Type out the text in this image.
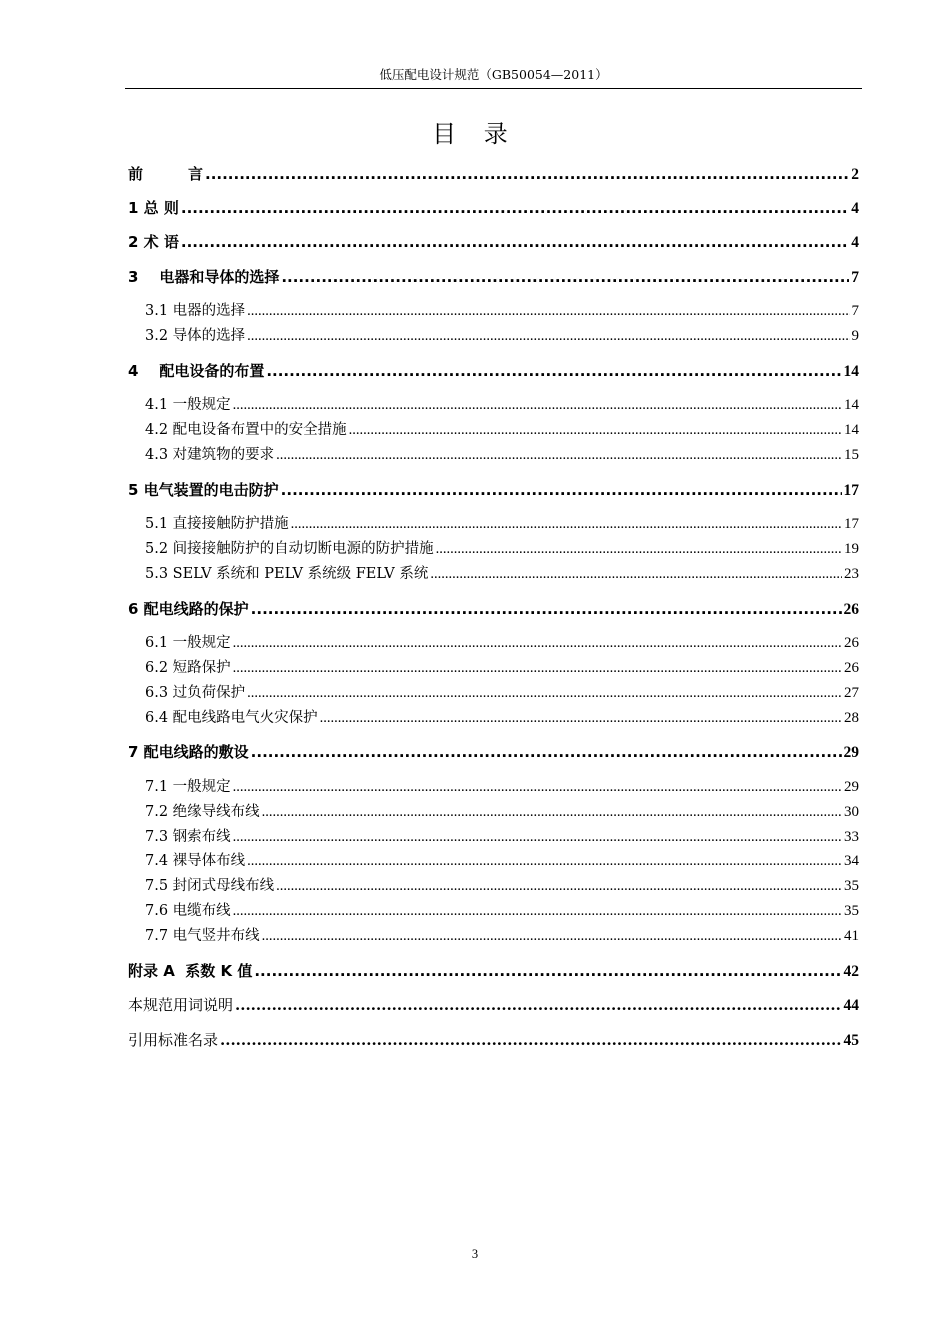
低压配电设计规范（GB50054—2011）
目 录
前　　　言 .....	2
1 总 则 .....	4
2 术 语 .....	4
3    电器和导体的选择 .....	7
3.1 电器的选择 .....	7
3.2 导体的选择 .....	9
4    配电设备的布置 .....	14
4.1 一般规定 .....	14
4.2 配电设备布置中的安全措施 .....	14
4.3 对建筑物的要求 .....	15
5 电气装置的电击防护 .....	17
5.1 直接接触防护措施 .....	17
5.2 间接接触防护的自动切断电源的防护措施 .....	19
5.3 SELV 系统和 PELV 系统级 FELV 系统 .....	23
6 配电线路的保护 .....	26
6.1 一般规定 .....	26
6.2 短路保护 .....	26
6.3 过负荷保护 .....	27
6.4 配电线路电气火灾保护 .....	28
7 配电线路的敷设 .....	29
7.1 一般规定 .....	29
7.2 绝缘导线布线 .....	30
7.3 钢索布线 .....	33
7.4 裸导体布线 .....	34
7.5 封闭式母线布线 .....	35
7.6 电缆布线 .....	35
7.7 电气竖井布线 .....	41
附录 A  系数 K 值 .....	42
本规范用词说明 .....	44
引用标准名录 .....	45
3
